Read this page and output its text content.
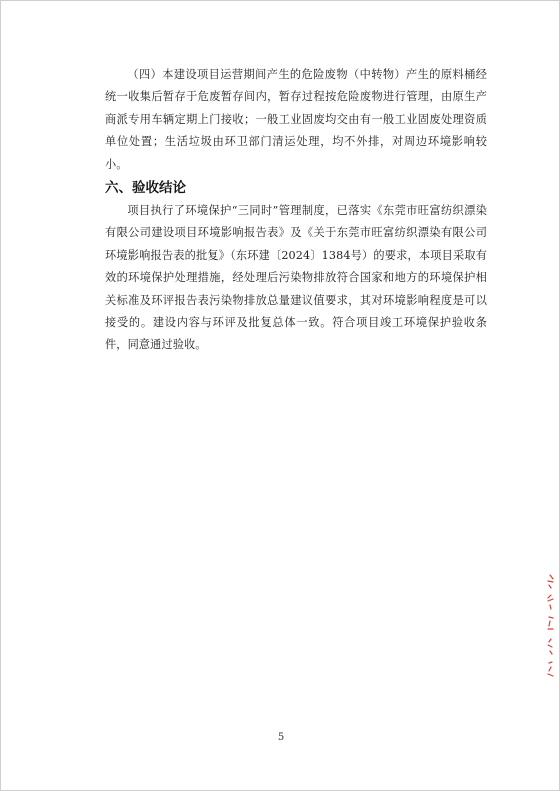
（四）本建设项目运营期间产生的危险废物（中转物）产生的原料桶经统一收集后暂存于危废暂存间内，暂存过程按危险废物进行管理，由原生产商派专用车辆定期上门接收；一般工业固废均交由有一般工业固废处理资质单位处置；生活垃圾由环卫部门清运处理，均不外排，对周边环境影响较小。

六、验收结论

项目执行了环境保护“三同时”管理制度，已落实《东莞市旺富纺织漂染有限公司建设项目环境影响报告表》及《关于东莞市旺富纺织漂染有限公司环境影响报告表的批复》（东环建〔2024〕1384号）的要求，本项目采取有效的环境保护处理措施，经处理后污染物排放符合国家和地方的环境保护相关标准及环评报告表污染物排放总量建议值要求，其对环境影响程度是可以接受的。建设内容与环评及批复总体一致。符合项目竣工环境保护验收条件，同意通过验收。

5
